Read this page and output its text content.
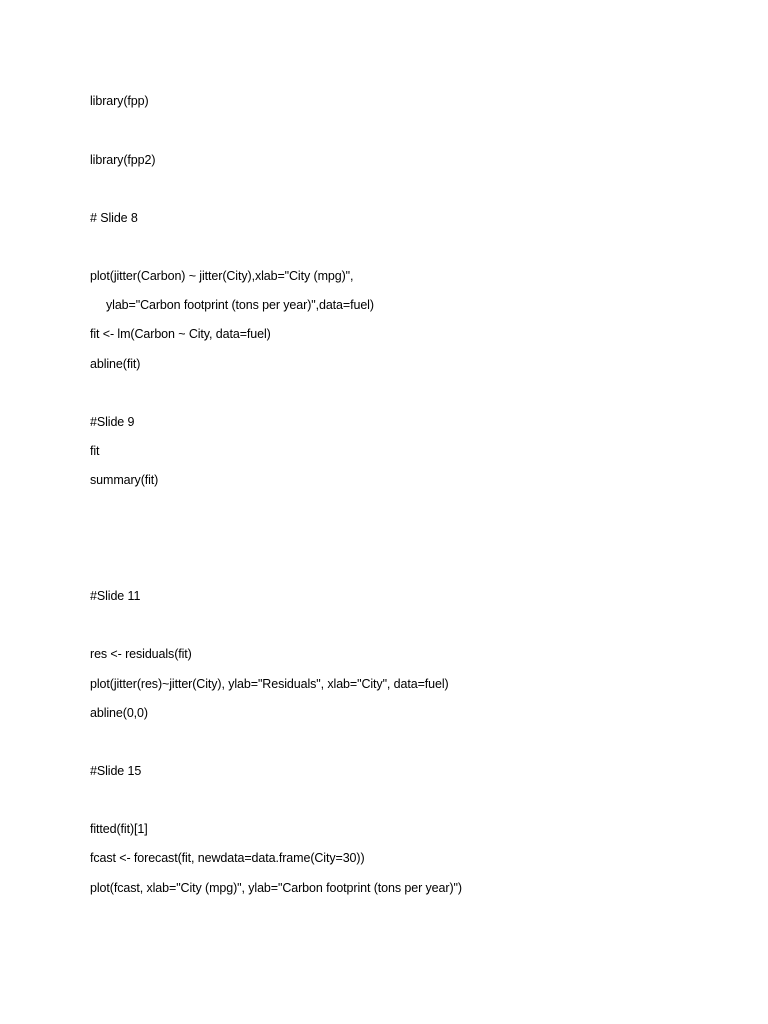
library(fpp)
library(fpp2)
# Slide 8
plot(jitter(Carbon) ~ jitter(City),xlab="City (mpg)",
ylab="Carbon footprint (tons per year)",data=fuel)
fit <- lm(Carbon ~ City, data=fuel)
abline(fit)
#Slide 9
fit
summary(fit)
#Slide 11
res <- residuals(fit)
plot(jitter(res)~jitter(City), ylab="Residuals", xlab="City", data=fuel)
abline(0,0)
#Slide 15
fitted(fit)[1]
fcast <- forecast(fit, newdata=data.frame(City=30))
plot(fcast, xlab="City (mpg)", ylab="Carbon footprint (tons per year)")
